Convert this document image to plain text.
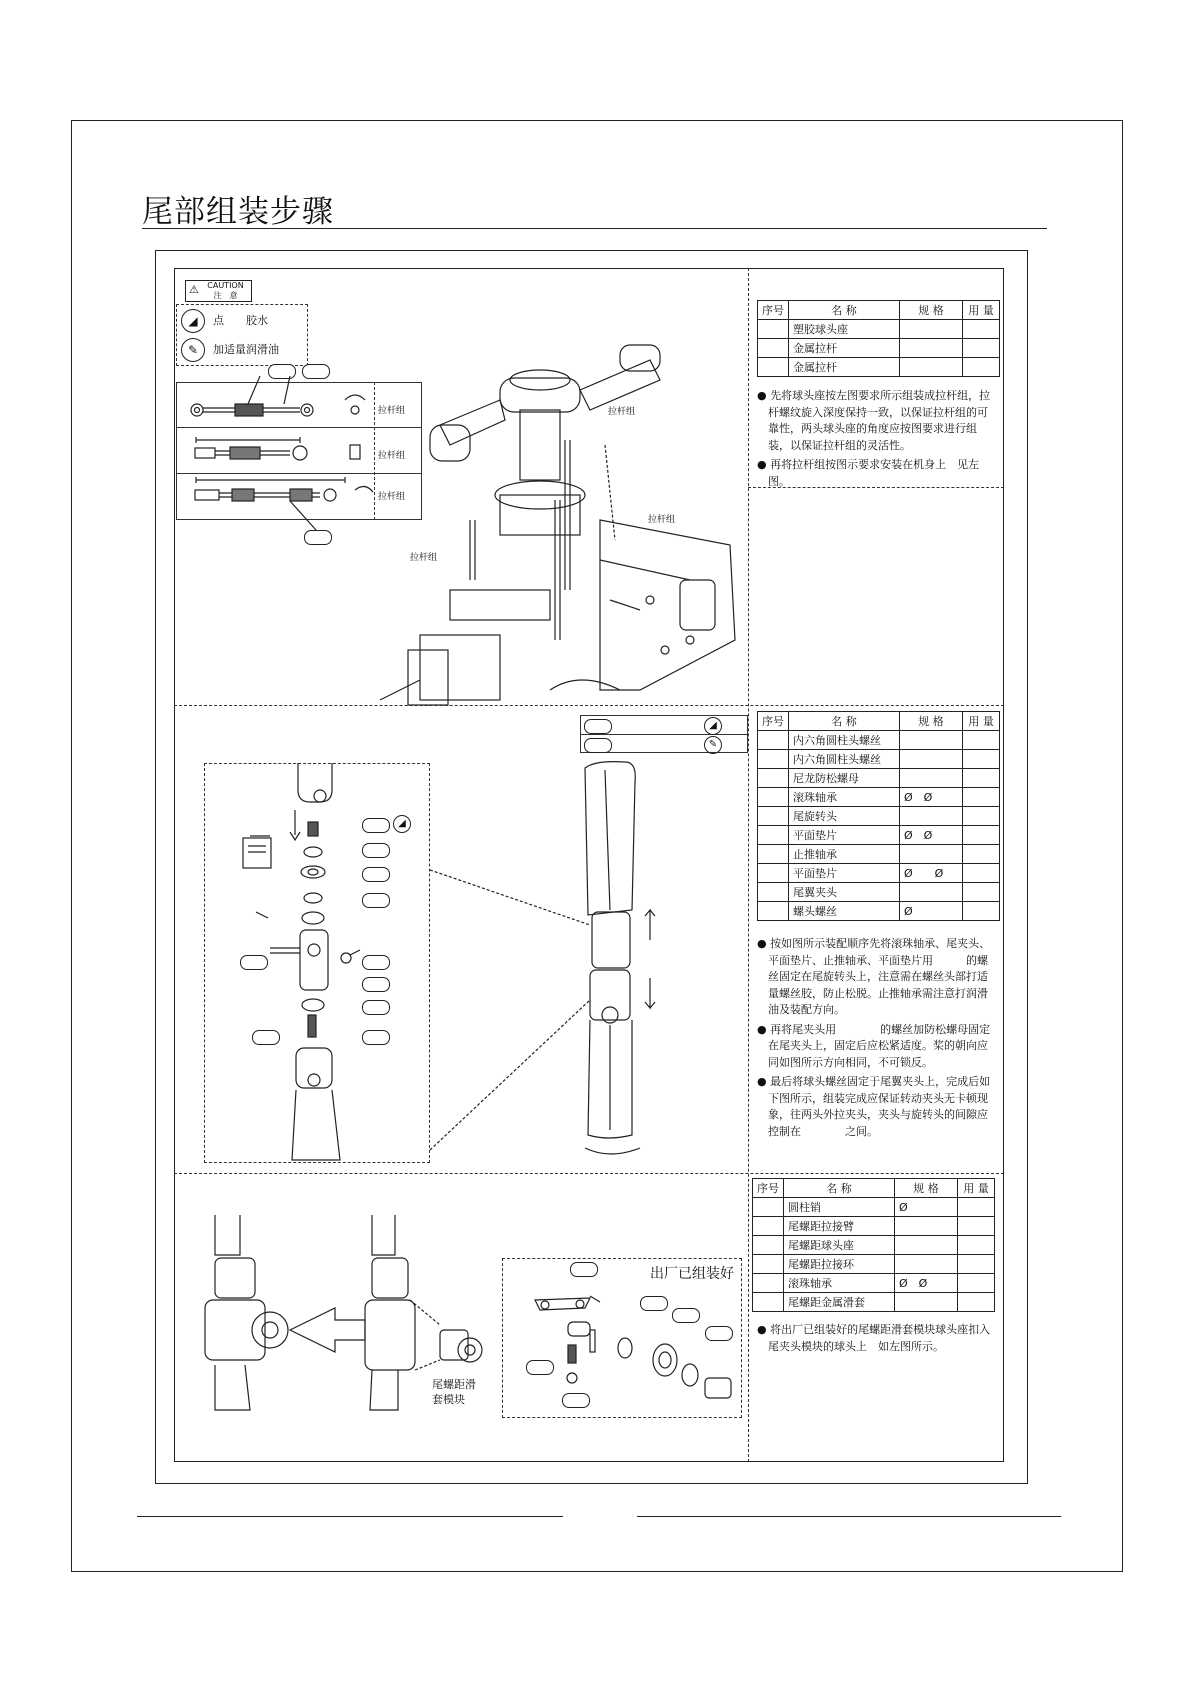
尾部组装步骤
⚠	CAUTION
注　意
◢ 点　　胶水
✎ 加适量润滑油
拉杆组
拉杆组
拉杆组
拉杆组
拉杆组
拉杆组
◢
✎
◢
出厂已组装好
尾螺距滑
套模块
序号	名 称	规 格	用 量
	塑胶球头座		
	金属拉杆		
	金属拉杆		

● 先将球头座按左图要求所示组装成拉杆组，拉杆螺纹旋入深度保持一致，以保证拉杆组的可靠性，两头球头座的角度应按图要求进行组装，以保证拉杆组的灵活性。

● 再将拉杆组按图示要求安装在机身上　见左图。

序号	名 称	规 格	用 量
	内六角圆柱头螺丝		
	内六角圆柱头螺丝		
	尼龙防松螺母		
	滚珠轴承	Ø　Ø	
	尾旋转头		
	平面垫片	Ø　Ø	
	止推轴承		
	平面垫片	Ø　　Ø	
	尾翼夹头		
	螺头螺丝	Ø	

● 按如图所示装配顺序先将滚珠轴承、尾夹头、平面垫片、止推轴承、平面垫片用　　　的螺丝固定在尾旋转头上，注意需在螺丝头部打适量螺丝胶，防止松脱。止推轴承需注意打润滑油及装配方向。

● 再将尾夹头用　　　　的螺丝加防松螺母固定在尾夹头上，固定后应松紧适度。桨的朝向应同如图所示方向相同，不可锁反。

● 最后将球头螺丝固定于尾翼夹头上，完成后如下图所示，组装完成应保证转动夹头无卡顿现象，往两头外拉夹头，夹头与旋转头的间隙应控制在　　　　之间。

序号	名 称	规 格	用 量
	圆柱销	Ø	
	尾螺距拉接臂		
	尾螺距球头座		
	尾螺距拉接环		
	滚珠轴承	Ø　Ø	
	尾螺距金属滑套		

● 将出厂已组装好的尾螺距滑套模块球头座扣入尾夹头模块的球头上　如左图所示。
